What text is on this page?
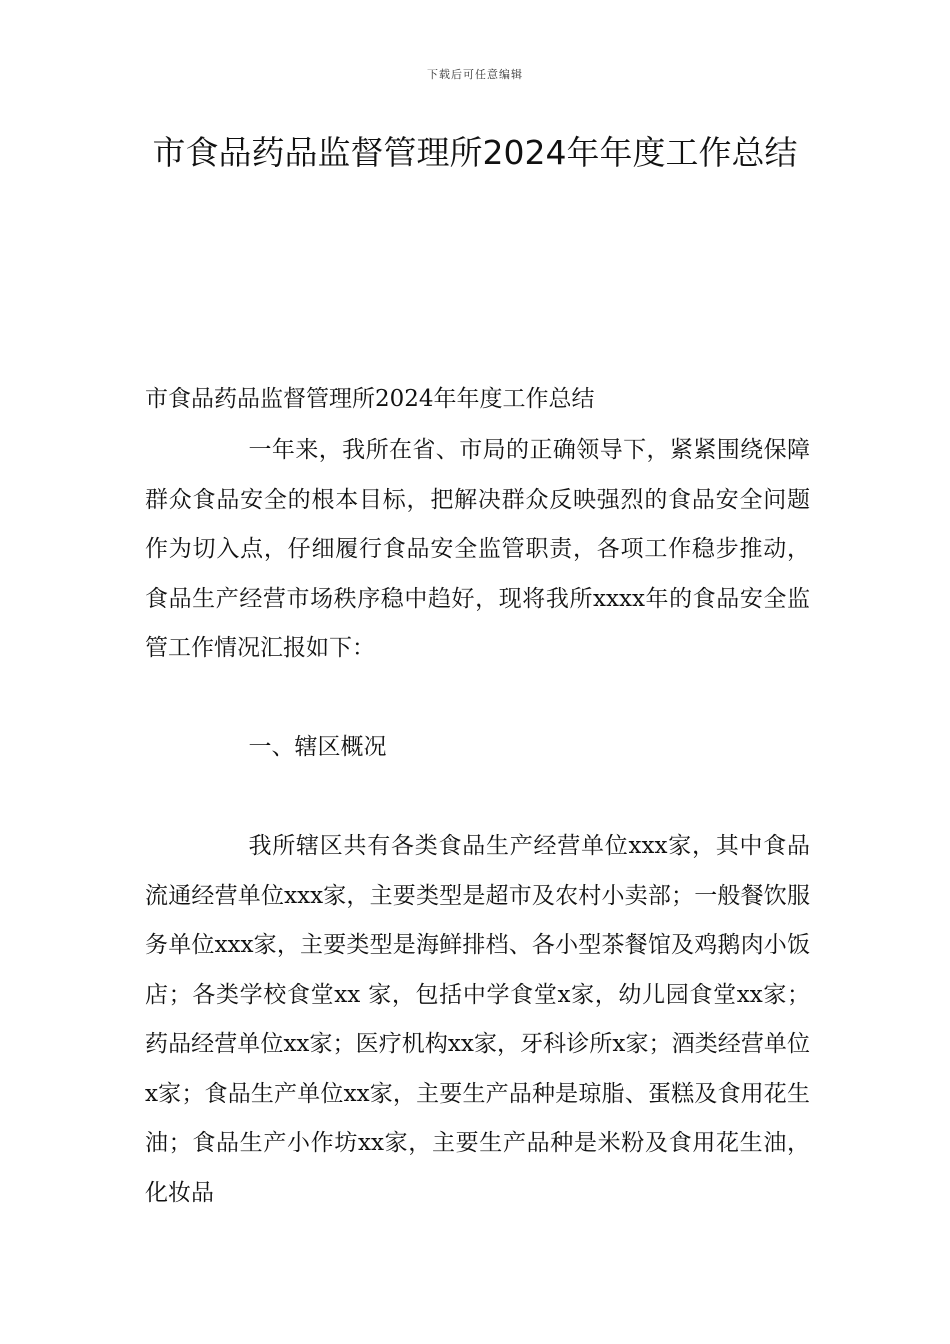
下载后可任意编辑
市食品药品监督管理所2024年年度工作总结
市食品药品监督管理所2024年年度工作总结

一年来，我所在省、市局的正确领导下，紧紧围绕保障群众食品安全的根本目标，把解决群众反映强烈的食品安全问题作为切入点，仔细履行食品安全监管职责，各项工作稳步推动，食品生产经营市场秩序稳中趋好，现将我所xxxx年的食品安全监管工作情况汇报如下：

一、辖区概况

我所辖区共有各类食品生产经营单位xxx家，其中食品流通经营单位xxx家，主要类型是超市及农村小卖部；一般餐饮服务单位xxx家，主要类型是海鲜排档、各小型茶餐馆及鸡鹅肉小饭店；各类学校食堂xx 家，包括中学食堂x家，幼儿园食堂xx家；药品经营单位xx家；医疗机构xx家，牙科诊所x家；酒类经营单位x家；食品生产单位xx家，主要生产品种是琼脂、蛋糕及食用花生油；食品生产小作坊xx家，主要生产品种是米粉及食用花生油，化妆品
